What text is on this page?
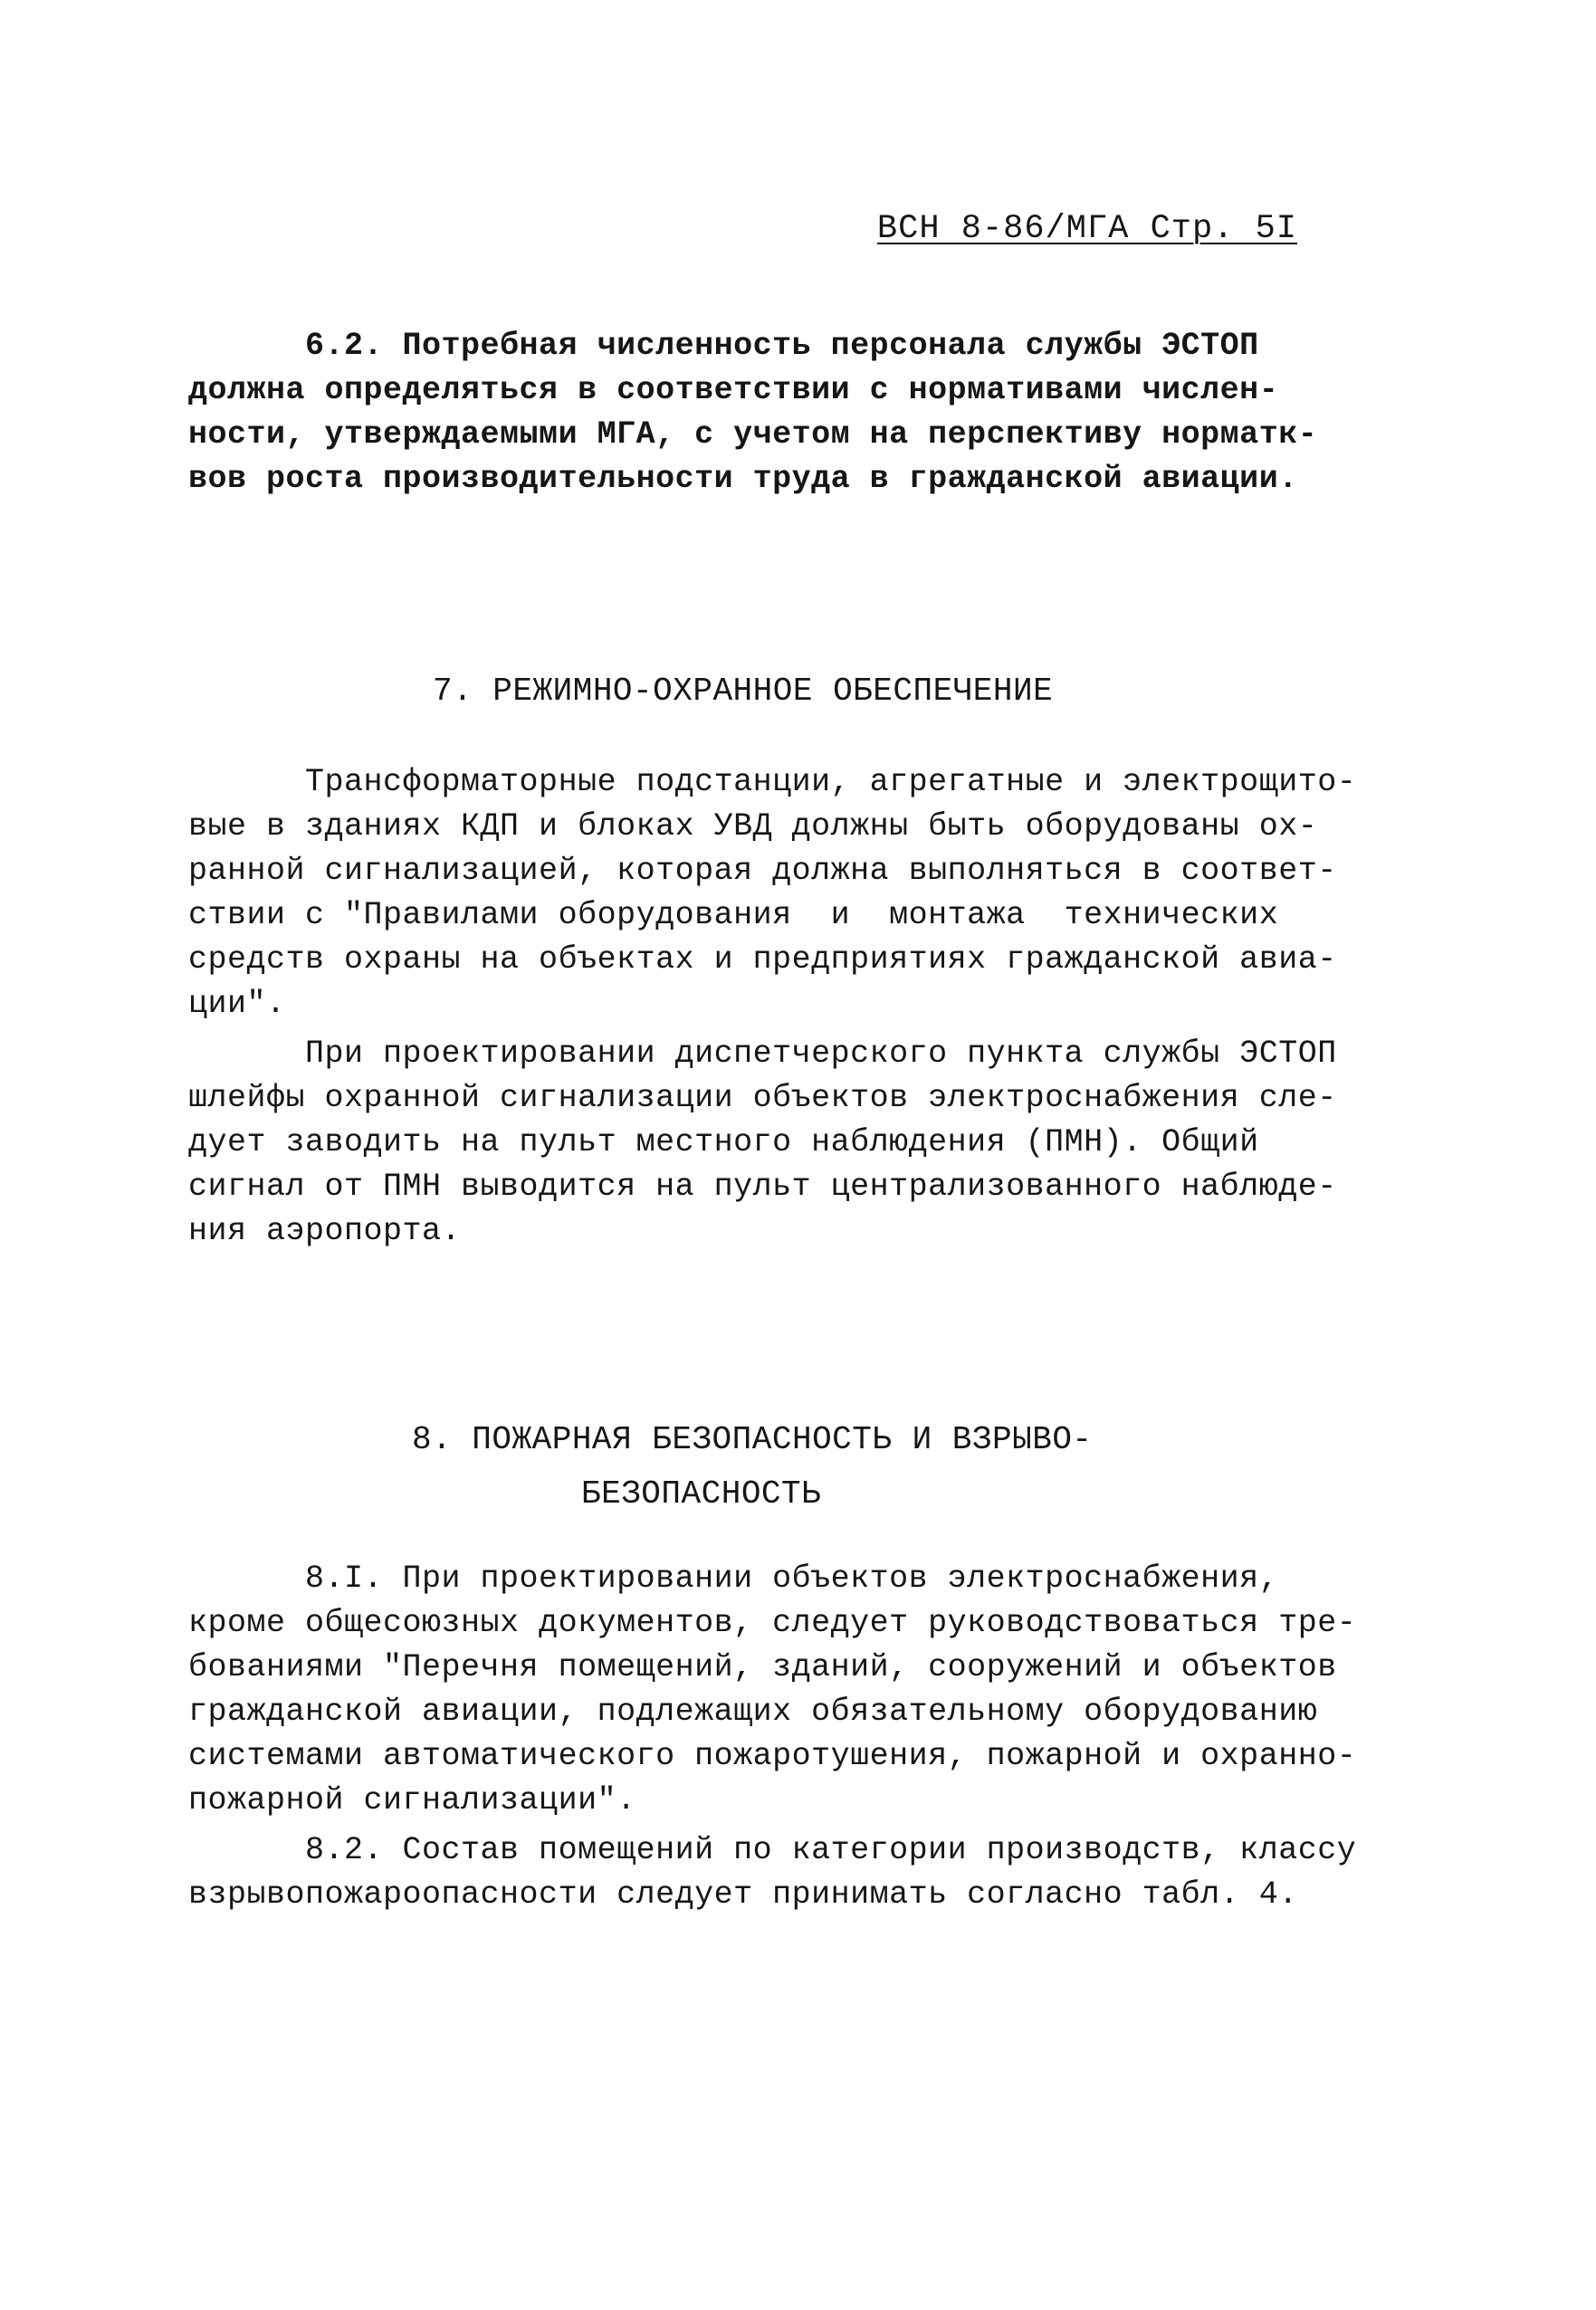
ВСН 8-86/МГА Стр. 5I
6.2. Потребная численность персонала службы ЭСТОП
должна определяться в соответствии с нормативами числен-
ности, утверждаемыми МГА, с учетом на перспективу норматк-
вов роста производительности труда в гражданской авиации.
7. РЕЖИМНО-ОХРАННОЕ ОБЕСПЕЧЕНИЕ
Трансформаторные подстанции, агрегатные и электрощито-
вые в зданиях КДП и блоках УВД должны быть оборудованы ох-
ранной сигнализацией, которая должна выполняться в соответ-
ствии с "Правилами оборудования  и  монтажа  технических
средств охраны на объектах и предприятиях гражданской авиа-
ции".
При проектировании диспетчерского пункта службы ЭСТОП
шлейфы охранной сигнализации объектов электроснабжения сле-
дует заводить на пульт местного наблюдения (ПМН). Общий
сигнал от ПМН выводится на пульт централизованного наблюде-
ния аэропорта.
8. ПОЖАРНАЯ БЕЗОПАСНОСТЬ И ВЗРЫВО-
БЕЗОПАСНОСТЬ
8.I. При проектировании объектов электроснабжения,
кроме общесоюзных документов, следует руководствоваться тре-
бованиями "Перечня помещений, зданий, сооружений и объектов
гражданской авиации, подлежащих обязательному оборудованию
системами автоматического пожаротушения, пожарной и охранно-
пожарной сигнализации".
8.2. Состав помещений по категории производств, классу
взрывопожароопасности следует принимать согласно табл. 4.
